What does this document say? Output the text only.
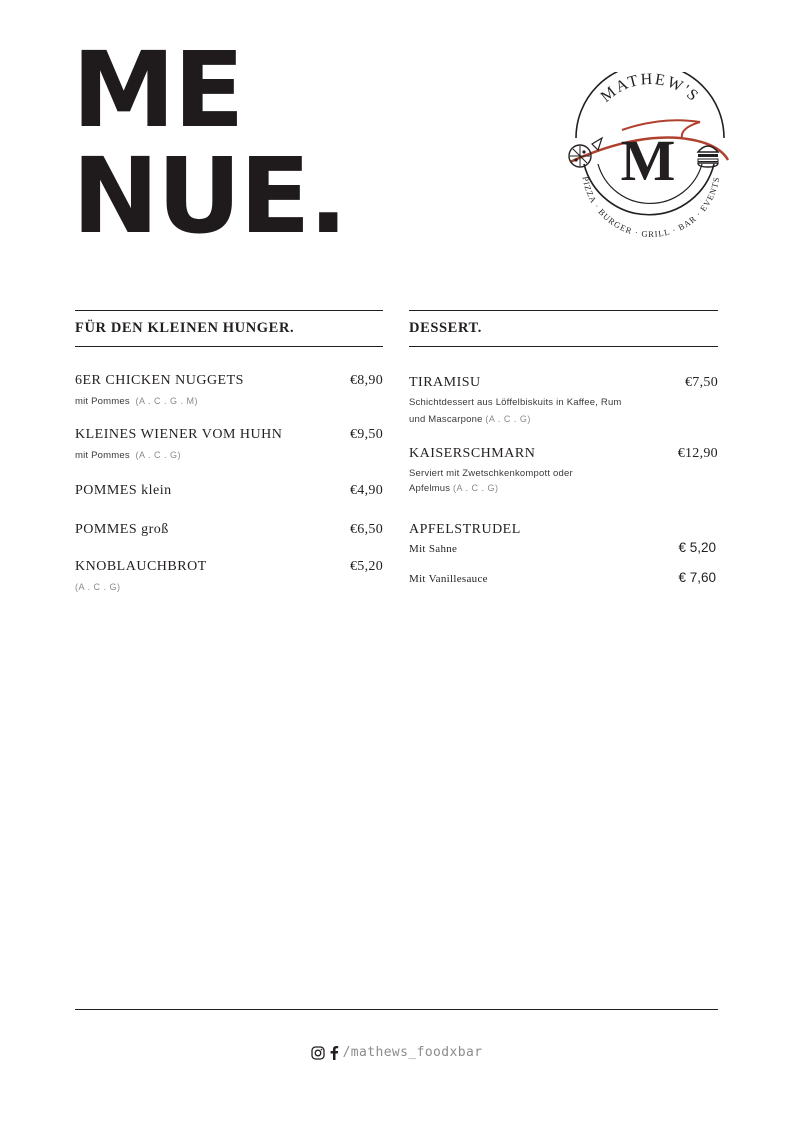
ME
NUE.
MATHEW'S
M
PIZZA · BURGER · GRILL · BAR · EVENTS
FÜR DEN KLEINEN HUNGER.
6ER CHICKEN NUGGETS	€8,90
mit Pommes (A . C . G . M)
KLEINES WIENER VOM HUHN	€9,50
mit Pommes (A . C . G)
POMMES klein	€4,90
POMMES groß	€6,50
KNOBLAUCHBROT	€5,20
(A . C . G)
DESSERT.
TIRAMISU	€7,50
Schichtdessert aus Löffelbiskuits in Kaffee, Rum
und Mascarpone (A . C . G)
KAISERSCHMARN	€12,90
Serviert mit Zwetschkenkompott oder
Apfelmus (A . C . G)
APFELSTRUDEL
Mit Sahne	€ 5,20
Mit Vanillesauce	€ 7,60
/mathews_foodxbar
